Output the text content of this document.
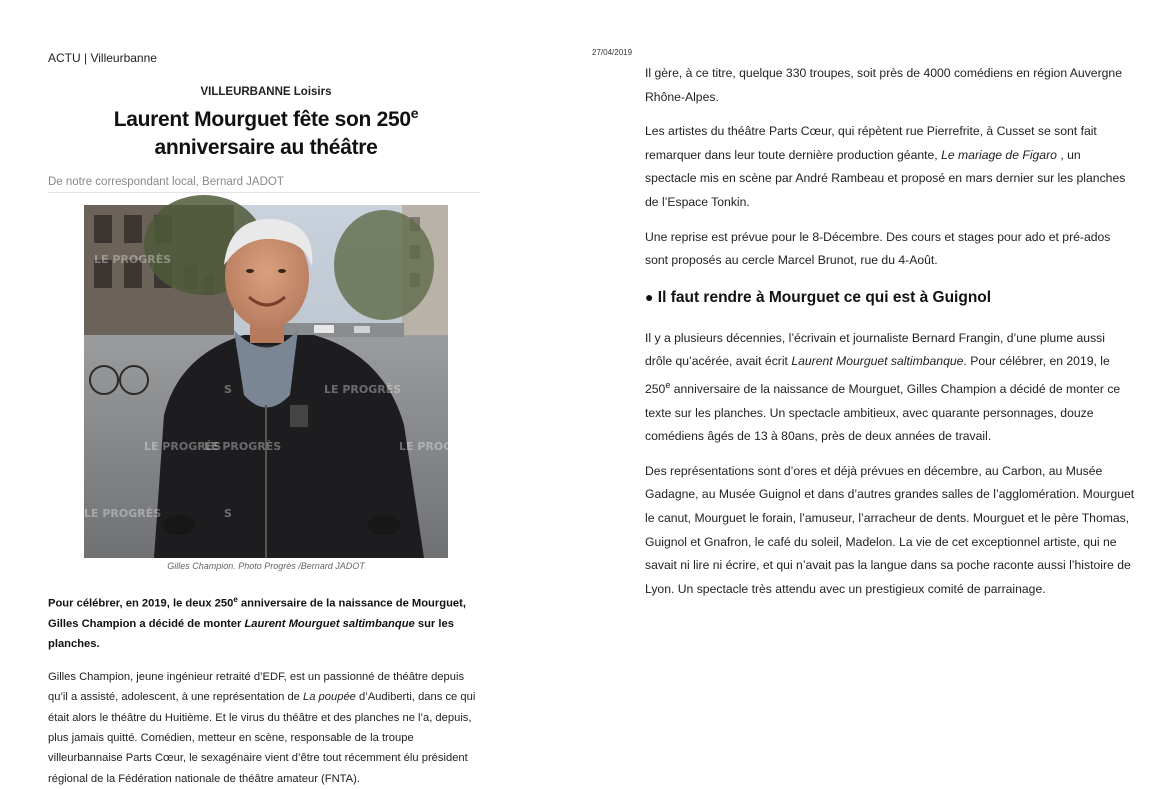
ACTU | Villeurbanne
VILLEURBANNE Loisirs
Laurent Mourguet fête son 250e
anniversaire au théâtre
De notre correspondant local, Bernard JADOT
LE PROGRÈS
LE PROGRÈS
LE PROGRÈS
LE PROGRÈS	LE PROGRÈS
LE PROGRÈS
S
S
Gilles Champion. Photo Progrès /Bernard JADOT
Pour célébrer, en 2019, le deux 250e anniversaire de la naissance de Mourguet, Gilles Champion a décidé de monter Laurent Mourguet saltimbanque sur les planches.
Gilles Champion, jeune ingénieur retraité d’EDF, est un passionné de théâtre depuis qu’il a assisté, adolescent, à une représentation de La poupée d’Audiberti, dans ce qui était alors le théâtre du Huitième. Et le virus du théâtre et des planches ne l’a, depuis, plus jamais quitté. Comédien, metteur en scène, responsable de la troupe villeurbannaise Parts Cœur, le sexagénaire vient d’être tout récemment élu président régional de la Fédération nationale de théâtre amateur (FNTA).
27/04/2019

Il gère, à ce titre, quelque 330 troupes, soit près de 4000 comédiens en région Auvergne Rhône-Alpes.

Les artistes du théâtre Parts Cœur, qui répètent rue Pierrefrite, à Cusset se sont fait remarquer dans leur toute dernière production géante, Le mariage de Figaro , un spectacle mis en scène par André Rambeau et proposé en mars dernier sur les planches de l’Espace Tonkin.

Une reprise est prévue pour le 8-Décembre. Des cours et stages pour ado et pré-ados sont proposés au cercle Marcel Brunot, rue du 4-Août.

● Il faut rendre à Mourguet ce qui est à Guignol

Il y a plusieurs décennies, l’écrivain et journaliste Bernard Frangin, d’une plume aussi drôle qu’acérée, avait écrit Laurent Mourguet saltimbanque. Pour célébrer, en 2019, le 250e anniversaire de la naissance de Mourguet, Gilles Champion a décidé de monter ce texte sur les planches. Un spectacle ambitieux, avec quarante personnages, douze comédiens âgés de 13 à 80ans, près de deux années de travail.

Des représentations sont d’ores et déjà prévues en décembre, au Carbon, au Musée Gadagne, au Musée Guignol et dans d’autres grandes salles de l’agglomération. Mourguet le canut, Mourguet le forain, l’amuseur, l’arracheur de dents. Mourguet et le père Thomas, Guignol et Gnafron, le café du soleil, Madelon. La vie de cet exceptionnel artiste, qui ne savait ni lire ni écrire, et qui n’avait pas la langue dans sa poche raconte aussi l’histoire de Lyon. Un spectacle très attendu avec un prestigieux comité de parrainage.
